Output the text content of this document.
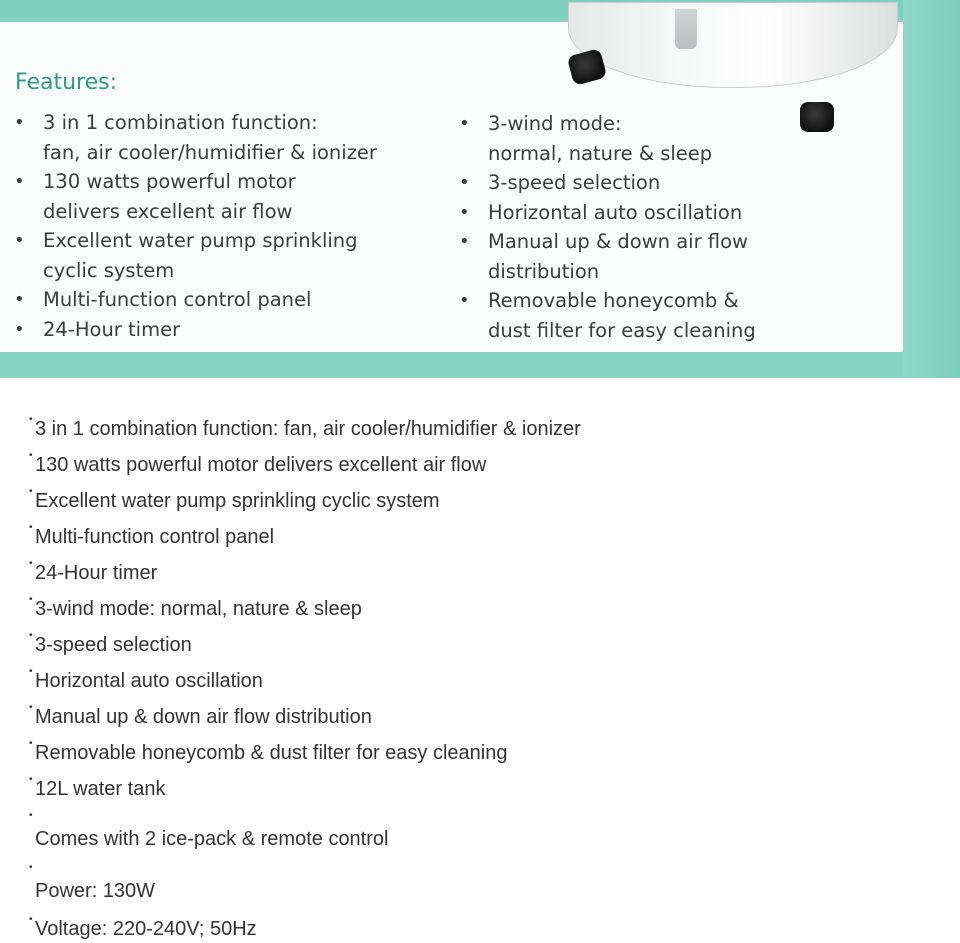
Features:
• 3 in 1 combination function:
fan, air cooler/humidifier & ionizer
• 130 watts powerful motor
delivers excellent air flow
• Excellent water pump sprinkling
cyclic system
• Multi-function control panel
• 24-Hour timer
• 3-wind mode:
normal, nature & sleep
• 3-speed selection
• Horizontal auto oscillation
• Manual up & down air flow
distribution
• Removable honeycomb &
dust filter for easy cleaning
• 3 in 1 combination function: fan, air cooler/humidifier & ionizer
• 130 watts powerful motor delivers excellent air flow
• Excellent water pump sprinkling cyclic system
• Multi-function control panel
• 24-Hour timer
• 3-wind mode: normal, nature & sleep
• 3-speed selection
• Horizontal auto oscillation
• Manual up & down air flow distribution
• Removable honeycomb & dust filter for easy cleaning
• 12L water tank
•
Comes with 2 ice-pack & remote control
•
Power: 130W
• Voltage: 220-240V; 50Hz
